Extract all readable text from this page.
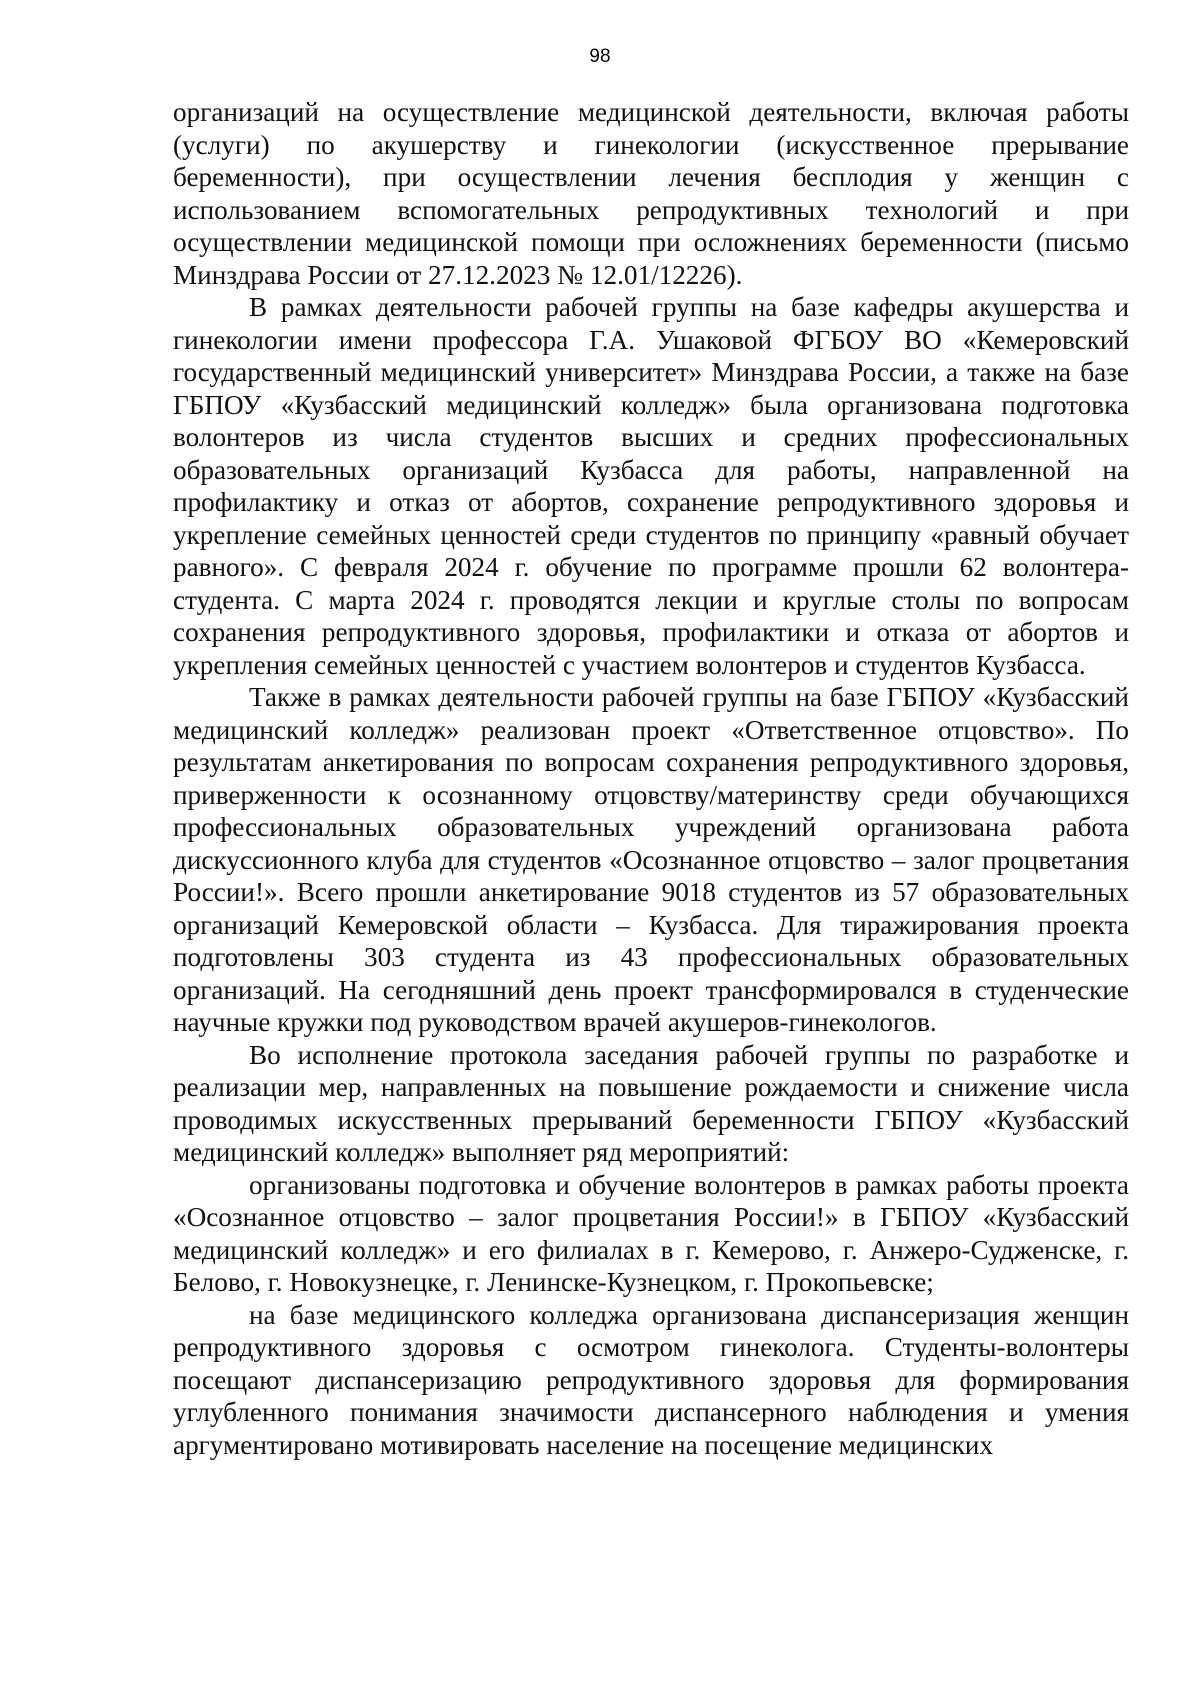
98

организаций на осуществление медицинской деятельности, включая работы (услуги) по акушерству и гинекологии (искусственное прерывание беременности), при осуществлении лечения бесплодия у женщин с использованием вспомогательных репродуктивных технологий и при осуществлении медицинской помощи при осложнениях беременности (письмо Минздрава России от 27.12.2023 № 12.01/12226).

В рамках деятельности рабочей группы на базе кафедры акушерства и гинекологии имени профессора Г.А. Ушаковой ФГБОУ ВО «Кемеровский государственный медицинский университет» Минздрава России, а также на базе ГБПОУ «Кузбасский медицинский колледж» была организована подготовка волонтеров из числа студентов высших и средних профессиональных образовательных организаций Кузбасса для работы, направленной на профилактику и отказ от абортов, сохранение репродуктивного здоровья и укрепление семейных ценностей среди студентов по принципу «равный обучает равного». С февраля 2024 г. обучение по программе прошли 62 волонтера-студента. С марта 2024 г. проводятся лекции и круглые столы по вопросам сохранения репродуктивного здоровья, профилактики и отказа от абортов и укрепления семейных ценностей с участием волонтеров и студентов Кузбасса.

Также в рамках деятельности рабочей группы на базе ГБПОУ «Кузбасский медицинский колледж» реализован проект «Ответственное отцовство». По результатам анкетирования по вопросам сохранения репродуктивного здоровья, приверженности к осознанному отцовству/материнству среди обучающихся профессиональных образовательных учреждений организована работа дискуссионного клуба для студентов «Осознанное отцовство – залог процветания России!». Всего прошли анкетирование 9018 студентов из 57 образовательных организаций Кемеровской области – Кузбасса. Для тиражирования проекта подготовлены 303 студента из 43 профессиональных образовательных организаций. На сегодняшний день проект трансформировался в студенческие научные кружки под руководством врачей акушеров-гинекологов.

Во исполнение протокола заседания рабочей группы по разработке и реализации мер, направленных на повышение рождаемости и снижение числа проводимых искусственных прерываний беременности ГБПОУ «Кузбасский медицинский колледж» выполняет ряд мероприятий:

организованы подготовка и обучение волонтеров в рамках работы проекта «Осознанное отцовство – залог процветания России!» в ГБПОУ «Кузбасский медицинский колледж» и его филиалах в г. Кемерово, г. Анжеро-Судженске, г. Белово, г. Новокузнецке, г. Ленинске-Кузнецком, г. Прокопьевске;

на базе медицинского колледжа организована диспансеризация женщин репродуктивного здоровья с осмотром гинеколога. Студенты-волонтеры посещают диспансеризацию репродуктивного здоровья для формирования углубленного понимания значимости диспансерного наблюдения и умения аргументировано мотивировать население на посещение медицинских
